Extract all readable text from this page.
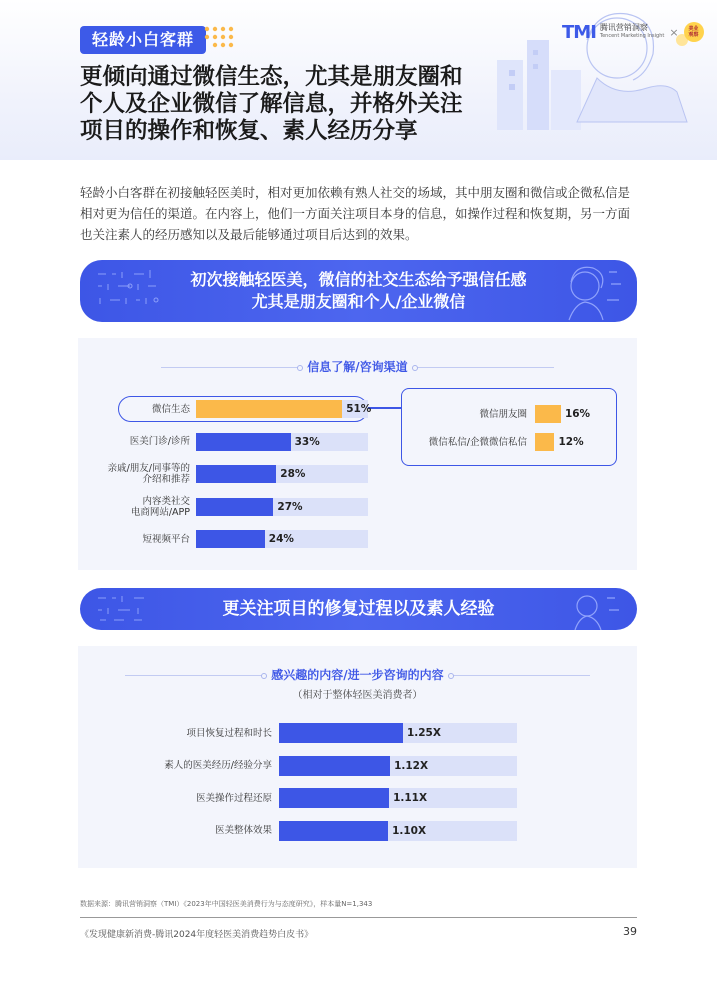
轻龄小白客群	TMI 腾讯营销洞察
Tencent Marketing Insight ×	美业
观察
更倾向通过微信生态，尤其是朋友圈和
个人及企业微信了解信息，并格外关注
项目的操作和恢复、素人经历分享
轻龄小白客群在初接触轻医美时，相对更加依赖有熟人社交的场域，其中朋友圈和微信或企微私信是相对更为信任的渠道。在内容上，他们一方面关注项目本身的信息，如操作过程和恢复期，另一方面也关注素人的经历感知以及最后能够通过项目后达到的效果。
初次接触轻医美，微信的社交生态给予强信任感
尤其是朋友圈和个人/企业微信
信息了解/咨询渠道
微信生态	51%
医美门诊/诊所	33%
亲戚/朋友/同事等的
介绍和推荐	28%
内容类社交
电商网站/APP	27%
短视频平台	24%
微信朋友圈	16%
微信私信/企微微信私信	12%
更关注项目的修复过程以及素人经验
感兴趣的内容/进一步咨询的内容
（相对于整体轻医美消费者）
项目恢复过程和时长	1.25X
素人的医美经历/经验分享	1.12X
医美操作过程还原	1.11X
医美整体效果	1.10X
数据来源：腾讯营销洞察（TMI）《2023年中国轻医美消费行为与态度研究》，样本量N=1,343
《发现健康新消费-腾讯2024年度轻医美消费趋势白皮书》	39
